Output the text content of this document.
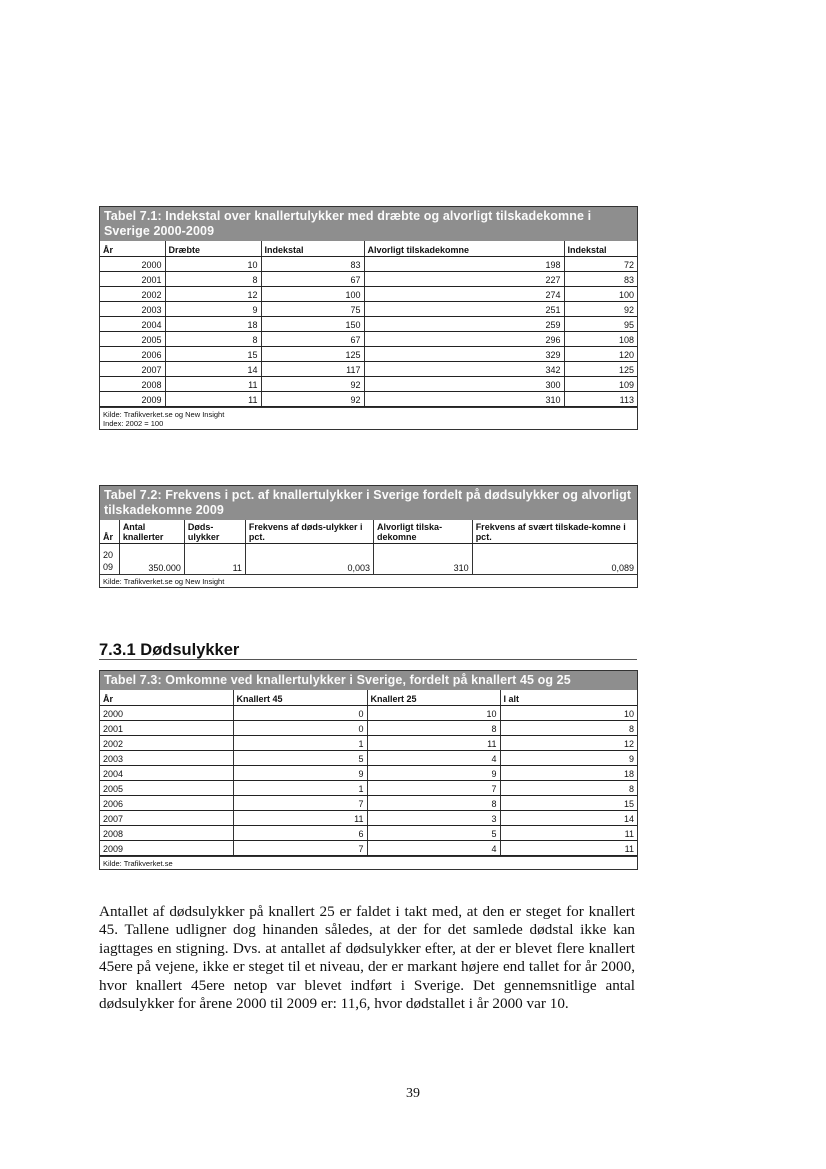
Tabel 7.1: Indekstal over knallertulykker med dræbte og alvorligt tilskadekomne i Sverige 2000-2009
År	Dræbte	Indekstal	Alvorligt tilskadekomne	Indekstal
2000	10	83	198	72
2001	8	67	227	83
2002	12	100	274	100
2003	9	75	251	92
2004	18	150	259	95
2005	8	67	296	108
2006	15	125	329	120
2007	14	117	342	125
2008	11	92	300	109
2009	11	92	310	113
Kilde: Trafikverket.se og New Insight
Index: 2002 = 100
Tabel 7.2: Frekvens i pct. af knallertulykker i Sverige fordelt på dødsulykker og alvorligt tilskadekomne 2009
År	Antal knallerter	Døds-ulykker	Frekvens af døds-ulykker i pct.	Alvorligt tilska-dekomne	Frekvens af svært tilskade-komne i pct.
2009	350.000	11	0,003	310	0,089
Kilde: Trafikverket.se og New Insight
7.3.1 Dødsulykker
Tabel 7.3: Omkomne ved knallertulykker i Sverige, fordelt på knallert 45 og 25
År	Knallert 45	Knallert 25	I alt
2000	0	10	10
2001	0	8	8
2002	1	11	12
2003	5	4	9
2004	9	9	18
2005	1	7	8
2006	7	8	15
2007	11	3	14
2008	6	5	11
2009	7	4	11
Kilde: Trafikverket.se

Antallet af dødsulykker på knallert 25 er faldet i takt med, at den er steget for knallert 45. Tallene udligner dog hinanden således, at der for det samlede dødstal ikke kan iagttages en stigning. Dvs. at antallet af dødsulykker efter, at der er blevet flere knallert 45ere på vejene, ikke er steget til et niveau, der er markant højere end tallet for år 2000, hvor knallert 45ere netop var blevet indført i Sverige. Det gennemsnitlige antal dødsulykker for årene 2000 til 2009 er: 11,6, hvor dødstallet i år 2000 var 10.

39
